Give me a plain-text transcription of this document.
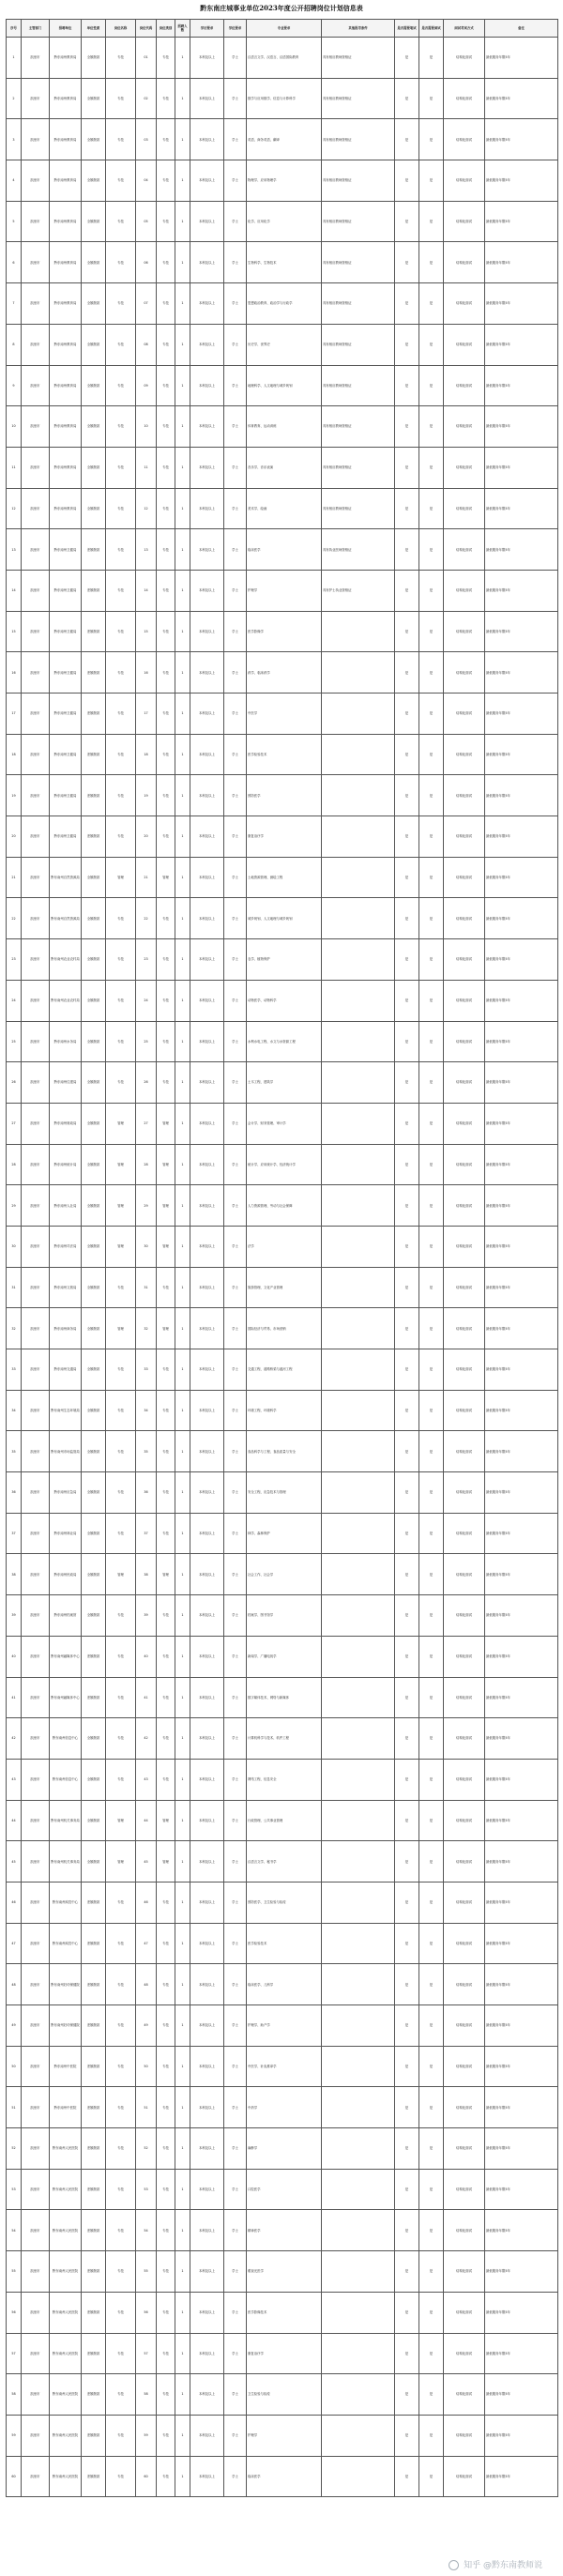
黔东南庄城事业单位2023年度公开招聘岗位计划信息表
序号	主管部门	招聘单位	单位性质	岗位名称	岗位代码	岗位类别	招聘人数	学历要求	学位要求	专业要求	其他报考条件	是否需要笔试	是否需要面试	面试考试方式	备注
1	凯里市	黔东南州教育局	全额拨款	专技	01	专技	1	本科及以上	学士	汉语言文学、汉语言、汉语国际教育	具有相应教师资格证	是	是	结构化面试	最低服务年限5年
2	凯里市	黔东南州教育局	全额拨款	专技	02	专技	1	本科及以上	学士	数学与应用数学、信息与计算科学	具有相应教师资格证	是	是	结构化面试	最低服务年限5年
3	凯里市	黔东南州教育局	全额拨款	专技	03	专技	1	本科及以上	学士	英语、商务英语、翻译	具有相应教师资格证	是	是	结构化面试	最低服务年限5年
4	凯里市	黔东南州教育局	全额拨款	专技	04	专技	1	本科及以上	学士	物理学、应用物理学	具有相应教师资格证	是	是	结构化面试	最低服务年限5年
5	凯里市	黔东南州教育局	全额拨款	专技	05	专技	1	本科及以上	学士	化学、应用化学	具有相应教师资格证	是	是	结构化面试	最低服务年限5年
6	凯里市	黔东南州教育局	全额拨款	专技	06	专技	1	本科及以上	学士	生物科学、生物技术	具有相应教师资格证	是	是	结构化面试	最低服务年限5年
7	凯里市	黔东南州教育局	全额拨款	专技	07	专技	1	本科及以上	学士	思想政治教育、政治学与行政学	具有相应教师资格证	是	是	结构化面试	最低服务年限5年
8	凯里市	黔东南州教育局	全额拨款	专技	08	专技	1	本科及以上	学士	历史学、世界史	具有相应教师资格证	是	是	结构化面试	最低服务年限5年
9	凯里市	黔东南州教育局	全额拨款	专技	09	专技	1	本科及以上	学士	地理科学、人文地理与城乡规划	具有相应教师资格证	是	是	结构化面试	最低服务年限5年
10	凯里市	黔东南州教育局	全额拨款	专技	10	专技	1	本科及以上	学士	体育教育、运动训练	具有相应教师资格证	是	是	结构化面试	最低服务年限5年
11	凯里市	黔东南州教育局	全额拨款	专技	11	专技	1	本科及以上	学士	音乐学、音乐表演	具有相应教师资格证	是	是	结构化面试	最低服务年限5年
12	凯里市	黔东南州教育局	全额拨款	专技	12	专技	1	本科及以上	学士	美术学、绘画	具有相应教师资格证	是	是	结构化面试	最低服务年限5年
13	凯里市	黔东南州卫健局	差额拨款	专技	13	专技	1	本科及以上	学士	临床医学	具有执业医师资格证	是	是	结构化面试	最低服务年限5年
14	凯里市	黔东南州卫健局	差额拨款	专技	14	专技	1	本科及以上	学士	护理学	具有护士执业资格证	是	是	结构化面试	最低服务年限5年
15	凯里市	黔东南州卫健局	差额拨款	专技	15	专技	1	本科及以上	学士	医学影像学		是	是	结构化面试	最低服务年限5年
16	凯里市	黔东南州卫健局	差额拨款	专技	16	专技	1	本科及以上	学士	药学、临床药学		是	是	结构化面试	最低服务年限5年
17	凯里市	黔东南州卫健局	差额拨款	专技	17	专技	1	本科及以上	学士	中医学		是	是	结构化面试	最低服务年限5年
18	凯里市	黔东南州卫健局	差额拨款	专技	18	专技	1	本科及以上	学士	医学检验技术		是	是	结构化面试	最低服务年限5年
19	凯里市	黔东南州卫健局	差额拨款	专技	19	专技	1	本科及以上	学士	预防医学		是	是	结构化面试	最低服务年限5年
20	凯里市	黔东南州卫健局	差额拨款	专技	20	专技	1	本科及以上	学士	康复治疗学		是	是	结构化面试	最低服务年限5年
21	凯里市	黔东南州自然资源局	全额拨款	管理	21	管理	1	本科及以上	学士	土地资源管理、测绘工程		是	是	结构化面试	最低服务年限5年
22	凯里市	黔东南州自然资源局	全额拨款	专技	22	专技	1	本科及以上	学士	城乡规划、人文地理与城乡规划		是	是	结构化面试	最低服务年限5年
23	凯里市	黔东南州农业农村局	全额拨款	专技	23	专技	1	本科及以上	学士	农学、植物保护		是	是	结构化面试	最低服务年限5年
24	凯里市	黔东南州农业农村局	全额拨款	专技	24	专技	1	本科及以上	学士	动物医学、动物科学		是	是	结构化面试	最低服务年限5年
25	凯里市	黔东南州水务局	全额拨款	专技	25	专技	1	本科及以上	学士	水利水电工程、水文与水资源工程		是	是	结构化面试	最低服务年限5年
26	凯里市	黔东南州住建局	全额拨款	专技	26	专技	1	本科及以上	学士	土木工程、建筑学		是	是	结构化面试	最低服务年限5年
27	凯里市	黔东南州财政局	全额拨款	管理	27	管理	1	本科及以上	学士	会计学、财务管理、审计学		是	是	结构化面试	最低服务年限5年
28	凯里市	黔东南州统计局	全额拨款	管理	28	管理	1	本科及以上	学士	统计学、应用统计学、经济统计学		是	是	结构化面试	最低服务年限5年
29	凯里市	黔东南州人社局	全额拨款	管理	29	管理	1	本科及以上	学士	人力资源管理、劳动与社会保障		是	是	结构化面试	最低服务年限5年
30	凯里市	黔东南州司法局	全额拨款	管理	30	管理	1	本科及以上	学士	法学		是	是	结构化面试	最低服务年限5年
31	凯里市	黔东南州文旅局	全额拨款	专技	31	专技	1	本科及以上	学士	旅游管理、文化产业管理		是	是	结构化面试	最低服务年限5年
32	凯里市	黔东南州商务局	全额拨款	管理	32	管理	1	本科及以上	学士	国际经济与贸易、市场营销		是	是	结构化面试	最低服务年限5年
33	凯里市	黔东南州交通局	全额拨款	专技	33	专技	1	本科及以上	学士	交通工程、道路桥梁与渡河工程		是	是	结构化面试	最低服务年限5年
34	凯里市	黔东南州生态环境局	全额拨款	专技	34	专技	1	本科及以上	学士	环境工程、环境科学		是	是	结构化面试	最低服务年限5年
35	凯里市	黔东南州市场监管局	全额拨款	专技	35	专技	1	本科及以上	学士	食品科学与工程、食品质量与安全		是	是	结构化面试	最低服务年限5年
36	凯里市	黔东南州应急局	全额拨款	专技	36	专技	1	本科及以上	学士	安全工程、应急技术与管理		是	是	结构化面试	最低服务年限5年
37	凯里市	黔东南州林业局	全额拨款	专技	37	专技	1	本科及以上	学士	林学、森林保护		是	是	结构化面试	最低服务年限5年
38	凯里市	黔东南州民政局	全额拨款	管理	38	管理	1	本科及以上	学士	社会工作、社会学		是	是	结构化面试	最低服务年限5年
39	凯里市	黔东南州档案馆	全额拨款	专技	39	专技	1	本科及以上	学士	档案学、图书馆学		是	是	结构化面试	最低服务年限5年
40	凯里市	黔东南州融媒体中心	差额拨款	专技	40	专技	1	本科及以上	学士	新闻学、广播电视学		是	是	结构化面试	最低服务年限5年
41	凯里市	黔东南州融媒体中心	差额拨款	专技	41	专技	1	本科及以上	学士	数字媒体技术、网络与新媒体		是	是	结构化面试	最低服务年限5年
42	凯里市	黔东南州信息中心	全额拨款	专技	42	专技	1	本科及以上	学士	计算机科学与技术、软件工程		是	是	结构化面试	最低服务年限5年
43	凯里市	黔东南州信息中心	全额拨款	专技	43	专技	1	本科及以上	学士	网络工程、信息安全		是	是	结构化面试	最低服务年限5年
44	凯里市	黔东南州机关事务局	全额拨款	管理	44	管理	1	本科及以上	学士	行政管理、公共事业管理		是	是	结构化面试	最低服务年限5年
45	凯里市	黔东南州机关事务局	全额拨款	管理	45	管理	1	本科及以上	学士	汉语言文学、秘书学		是	是	结构化面试	最低服务年限5年
46	凯里市	黔东南州疾控中心	差额拨款	专技	46	专技	1	本科及以上	学士	预防医学、卫生检验与检疫		是	是	结构化面试	最低服务年限5年
47	凯里市	黔东南州疾控中心	差额拨款	专技	47	专技	1	本科及以上	学士	医学检验技术		是	是	结构化面试	最低服务年限5年
48	凯里市	黔东南州妇幼保健院	差额拨款	专技	48	专技	1	本科及以上	学士	临床医学、儿科学		是	是	结构化面试	最低服务年限5年
49	凯里市	黔东南州妇幼保健院	差额拨款	专技	49	专技	1	本科及以上	学士	护理学、助产学		是	是	结构化面试	最低服务年限5年
50	凯里市	黔东南州中医院	差额拨款	专技	50	专技	1	本科及以上	学士	中医学、针灸推拿学		是	是	结构化面试	最低服务年限5年
51	凯里市	黔东南州中医院	差额拨款	专技	51	专技	1	本科及以上	学士	中药学		是	是	结构化面试	最低服务年限5年
52	凯里市	黔东南州人民医院	差额拨款	专技	52	专技	1	本科及以上	学士	麻醉学		是	是	结构化面试	最低服务年限5年
53	凯里市	黔东南州人民医院	差额拨款	专技	53	专技	1	本科及以上	学士	口腔医学		是	是	结构化面试	最低服务年限5年
54	凯里市	黔东南州人民医院	差额拨款	专技	54	专技	1	本科及以上	学士	精神医学		是	是	结构化面试	最低服务年限5年
55	凯里市	黔东南州人民医院	差额拨款	专技	55	专技	1	本科及以上	学士	眼视光医学		是	是	结构化面试	最低服务年限5年
56	凯里市	黔东南州人民医院	差额拨款	专技	56	专技	1	本科及以上	学士	医学影像技术		是	是	结构化面试	最低服务年限5年
57	凯里市	黔东南州人民医院	差额拨款	专技	57	专技	1	本科及以上	学士	康复治疗学		是	是	结构化面试	最低服务年限5年
58	凯里市	黔东南州人民医院	差额拨款	专技	58	专技	1	本科及以上	学士	卫生检验与检疫		是	是	结构化面试	最低服务年限5年
59	凯里市	黔东南州人民医院	差额拨款	专技	59	专技	1	本科及以上	学士	护理学		是	是	结构化面试	最低服务年限5年
60	凯里市	黔东南州人民医院	差额拨款	专技	60	专技	1	本科及以上	学士	临床医学		是	是	结构化面试	最低服务年限5年
知乎 @黔东南教师说
